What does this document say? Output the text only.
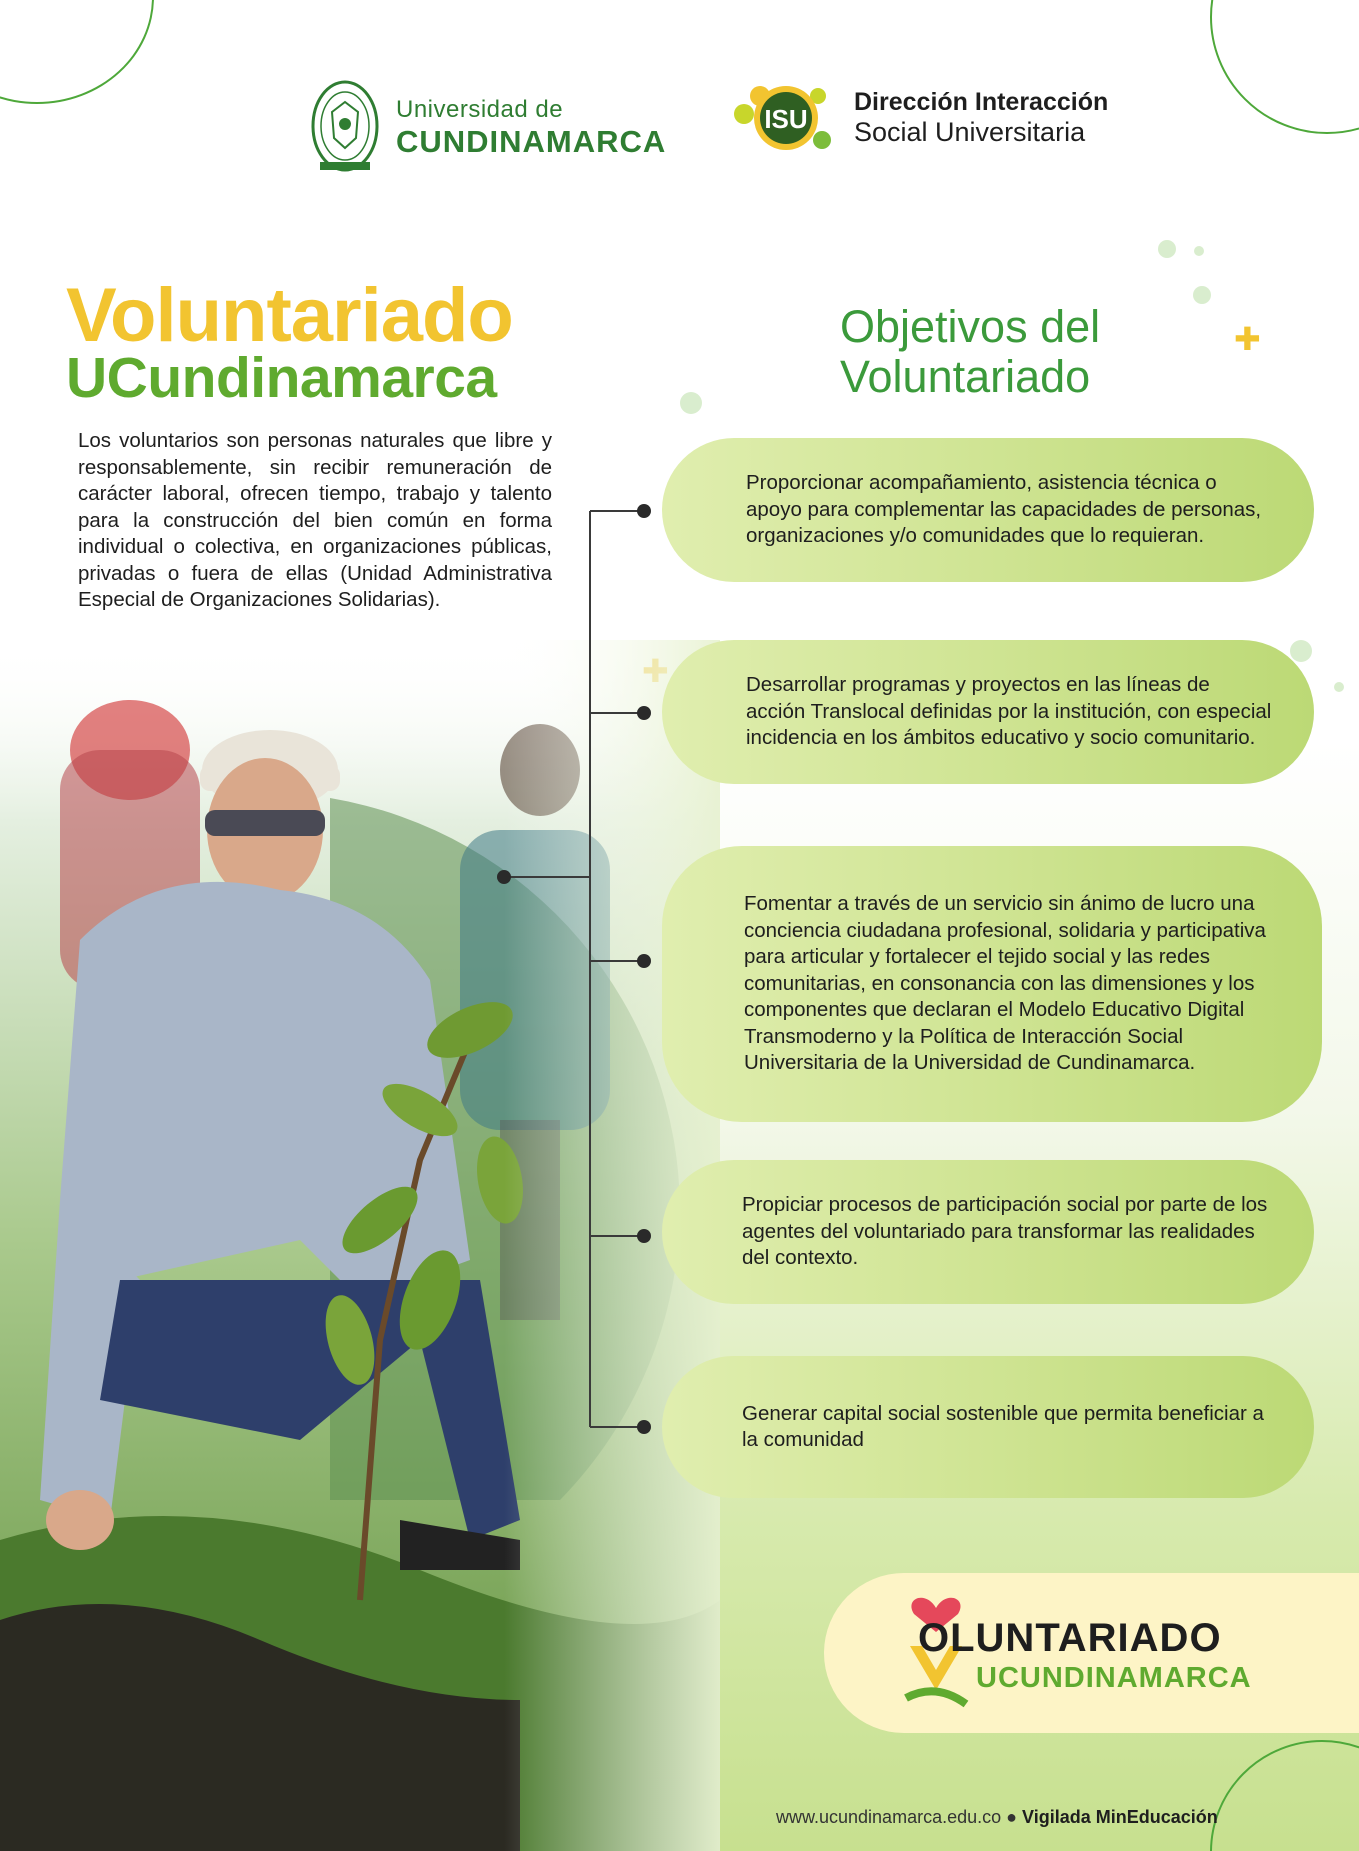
✚
Universidad de
CUNDINAMARCA
ISU
Dirección Interacción
Social Universitaria
Voluntariado
UCundinamarca
Los voluntarios son personas naturales que libre y responsablemente, sin recibir remuneración de carácter laboral, ofrecen tiempo, trabajo y talento para la construcción del bien común en forma individual o colectiva, en organizaciones públicas, privadas o fuera de ellas (Unidad Administrativa Especial de Organizaciones Solidarias).
Objetivos del
Voluntariado
Proporcionar acompañamiento, asistencia técnica o apoyo para complementar las capacidades de personas, organizaciones y/o comunidades que lo requieran.
Desarrollar programas y proyectos en las líneas de acción Translocal definidas por la institución, con especial incidencia en los ámbitos educativo y socio comunitario.
Fomentar a través de un servicio sin ánimo de lucro una conciencia ciudadana profesional, solidaria y participativa para articular y fortalecer el tejido social y las redes comunitarias, en consonancia con las dimensiones y los componentes que declaran el Modelo Educativo Digital Transmoderno y la Política de Interacción Social Universitaria de la Universidad de Cundinamarca.
Propiciar procesos de participación social por parte de los agentes del voluntariado para transformar las realidades del contexto.
Generar capital social sostenible que permita beneficiar a la comunidad
OLUNTARIADO
UCUNDINAMARCA
www.ucundinamarca.edu.co ● Vigilada MinEducación
